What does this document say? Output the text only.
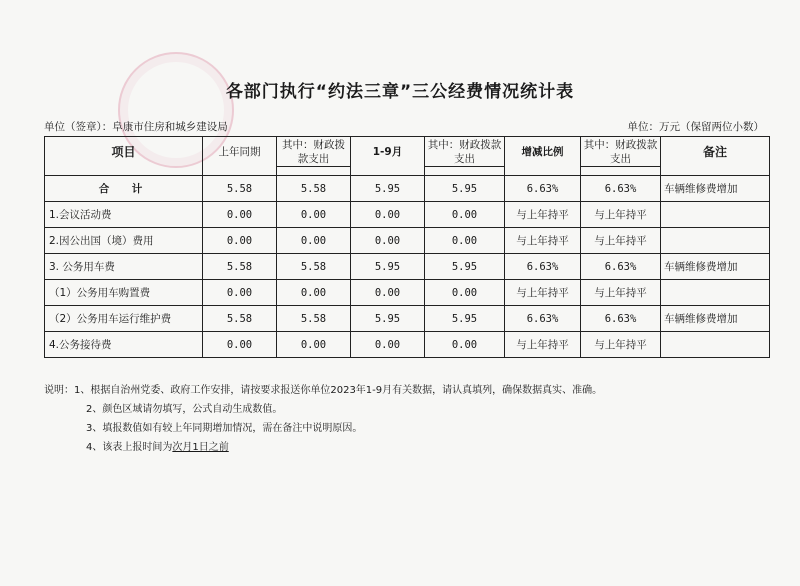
各部门执行“约法三章”三公经费情况统计表
单位（签章）：阜康市住房和城乡建设局	单位：万元（保留两位小数）
项目	上年同期	其中：财政拨款支出	1-9月	其中：财政拨款支出	增减比例	其中：财政拨款支出	备注

合　计	5.58	5.58	5.95	5.95	6.63%	6.63%	车辆维修费增加
1.会议活动费	0.00	0.00	0.00	0.00	与上年持平	与上年持平	
2.因公出国（境）费用	0.00	0.00	0.00	0.00	与上年持平	与上年持平	
3. 公务用车费	5.58	5.58	5.95	5.95	6.63%	6.63%	车辆维修费增加
（1）公务用车购置费	0.00	0.00	0.00	0.00	与上年持平	与上年持平	
（2）公务用车运行维护费	5.58	5.58	5.95	5.95	6.63%	6.63%	车辆维修费增加
4.公务接待费	0.00	0.00	0.00	0.00	与上年持平	与上年持平	
说明：1、根据自治州党委、政府工作安排，请按要求报送你单位2023年1-9月有关数据，请认真填列，确保数据真实、准确。
2、颜色区域请勿填写，公式自动生成数值。
3、填报数值如有较上年同期增加情况，需在备注中说明原因。
4、该表上报时间为次月1日之前
